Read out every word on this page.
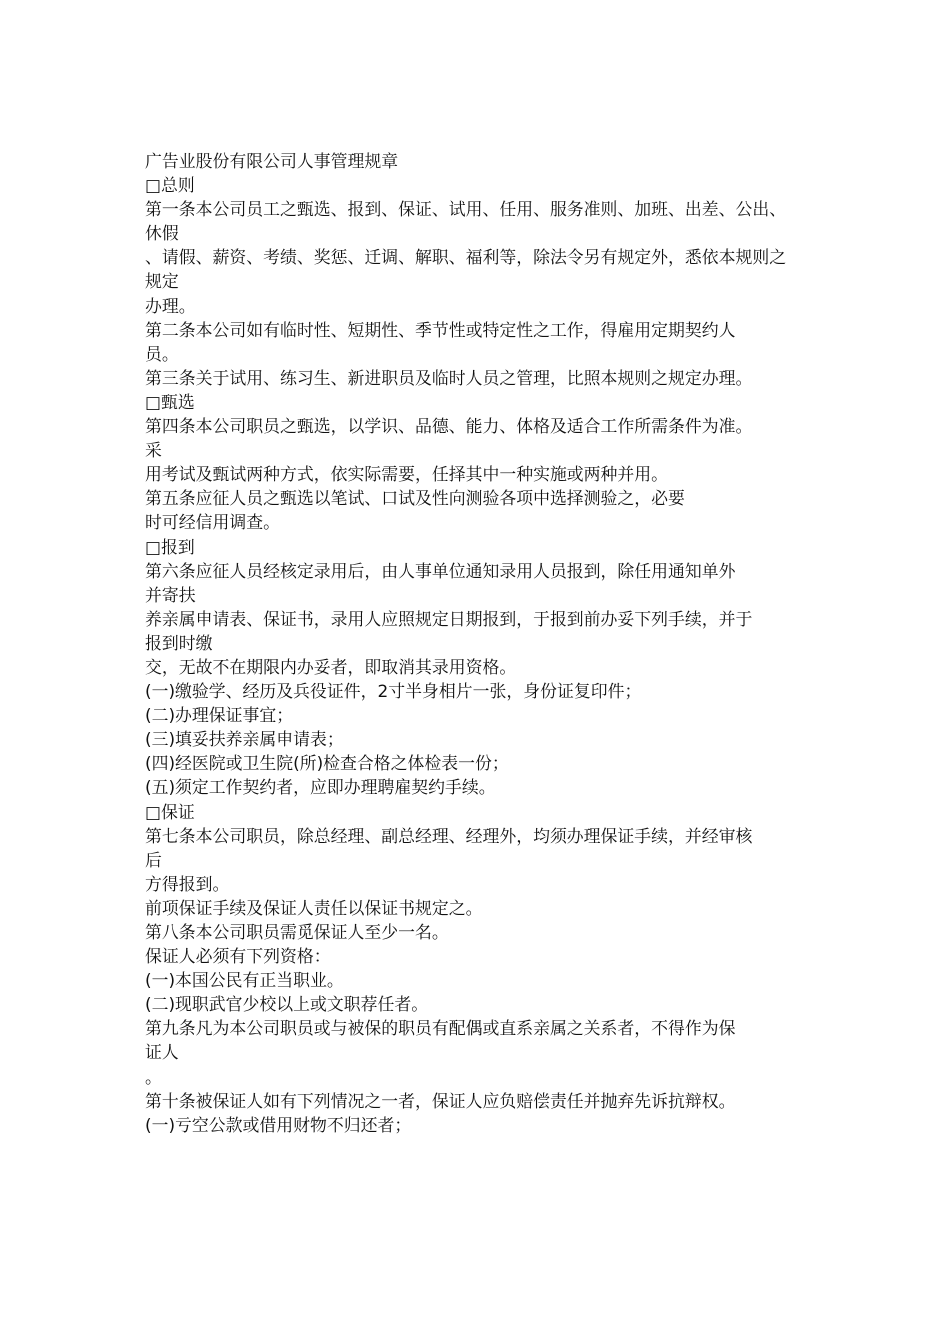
广告业股份有限公司人事管理规章
□总则
第一条本公司员工之甄选、报到、保证、试用、任用、服务准则、加班、出差、公出、
休假
、请假、薪资、考绩、奖惩、迁调、解职、福利等，除法令另有规定外，悉依本规则之
规定
办理。
第二条本公司如有临时性、短期性、季节性或特定性之工作，得雇用定期契约人
员。
第三条关于试用、练习生、新进职员及临时人员之管理，比照本规则之规定办理。
□甄选
第四条本公司职员之甄选，以学识、品德、能力、体格及适合工作所需条件为准。
采
用考试及甄试两种方式，依实际需要，任择其中一种实施或两种并用。
第五条应征人员之甄选以笔试、口试及性向测验各项中选择测验之，必要
时可经信用调查。
□报到
第六条应征人员经核定录用后，由人事单位通知录用人员报到，除任用通知单外
并寄扶
养亲属申请表、保证书，录用人应照规定日期报到，于报到前办妥下列手续，并于
报到时缴
交，无故不在期限内办妥者，即取消其录用资格。
(一)缴验学、经历及兵役证件，2寸半身相片一张，身份证复印件；
(二)办理保证事宜；
(三)填妥扶养亲属申请表；
(四)经医院或卫生院(所)检查合格之体检表一份；
(五)须定工作契约者，应即办理聘雇契约手续。
□保证
第七条本公司职员，除总经理、副总经理、经理外，均须办理保证手续，并经审核
后
方得报到。
前项保证手续及保证人责任以保证书规定之。
第八条本公司职员需觅保证人至少一名。
保证人必须有下列资格：
(一)本国公民有正当职业。
(二)现职武官少校以上或文职荐任者。
第九条凡为本公司职员或与被保的职员有配偶或直系亲属之关系者，不得作为保
证人
。
第十条被保证人如有下列情况之一者，保证人应负赔偿责任并抛弃先诉抗辩权。
(一)亏空公款或借用财物不归还者；
